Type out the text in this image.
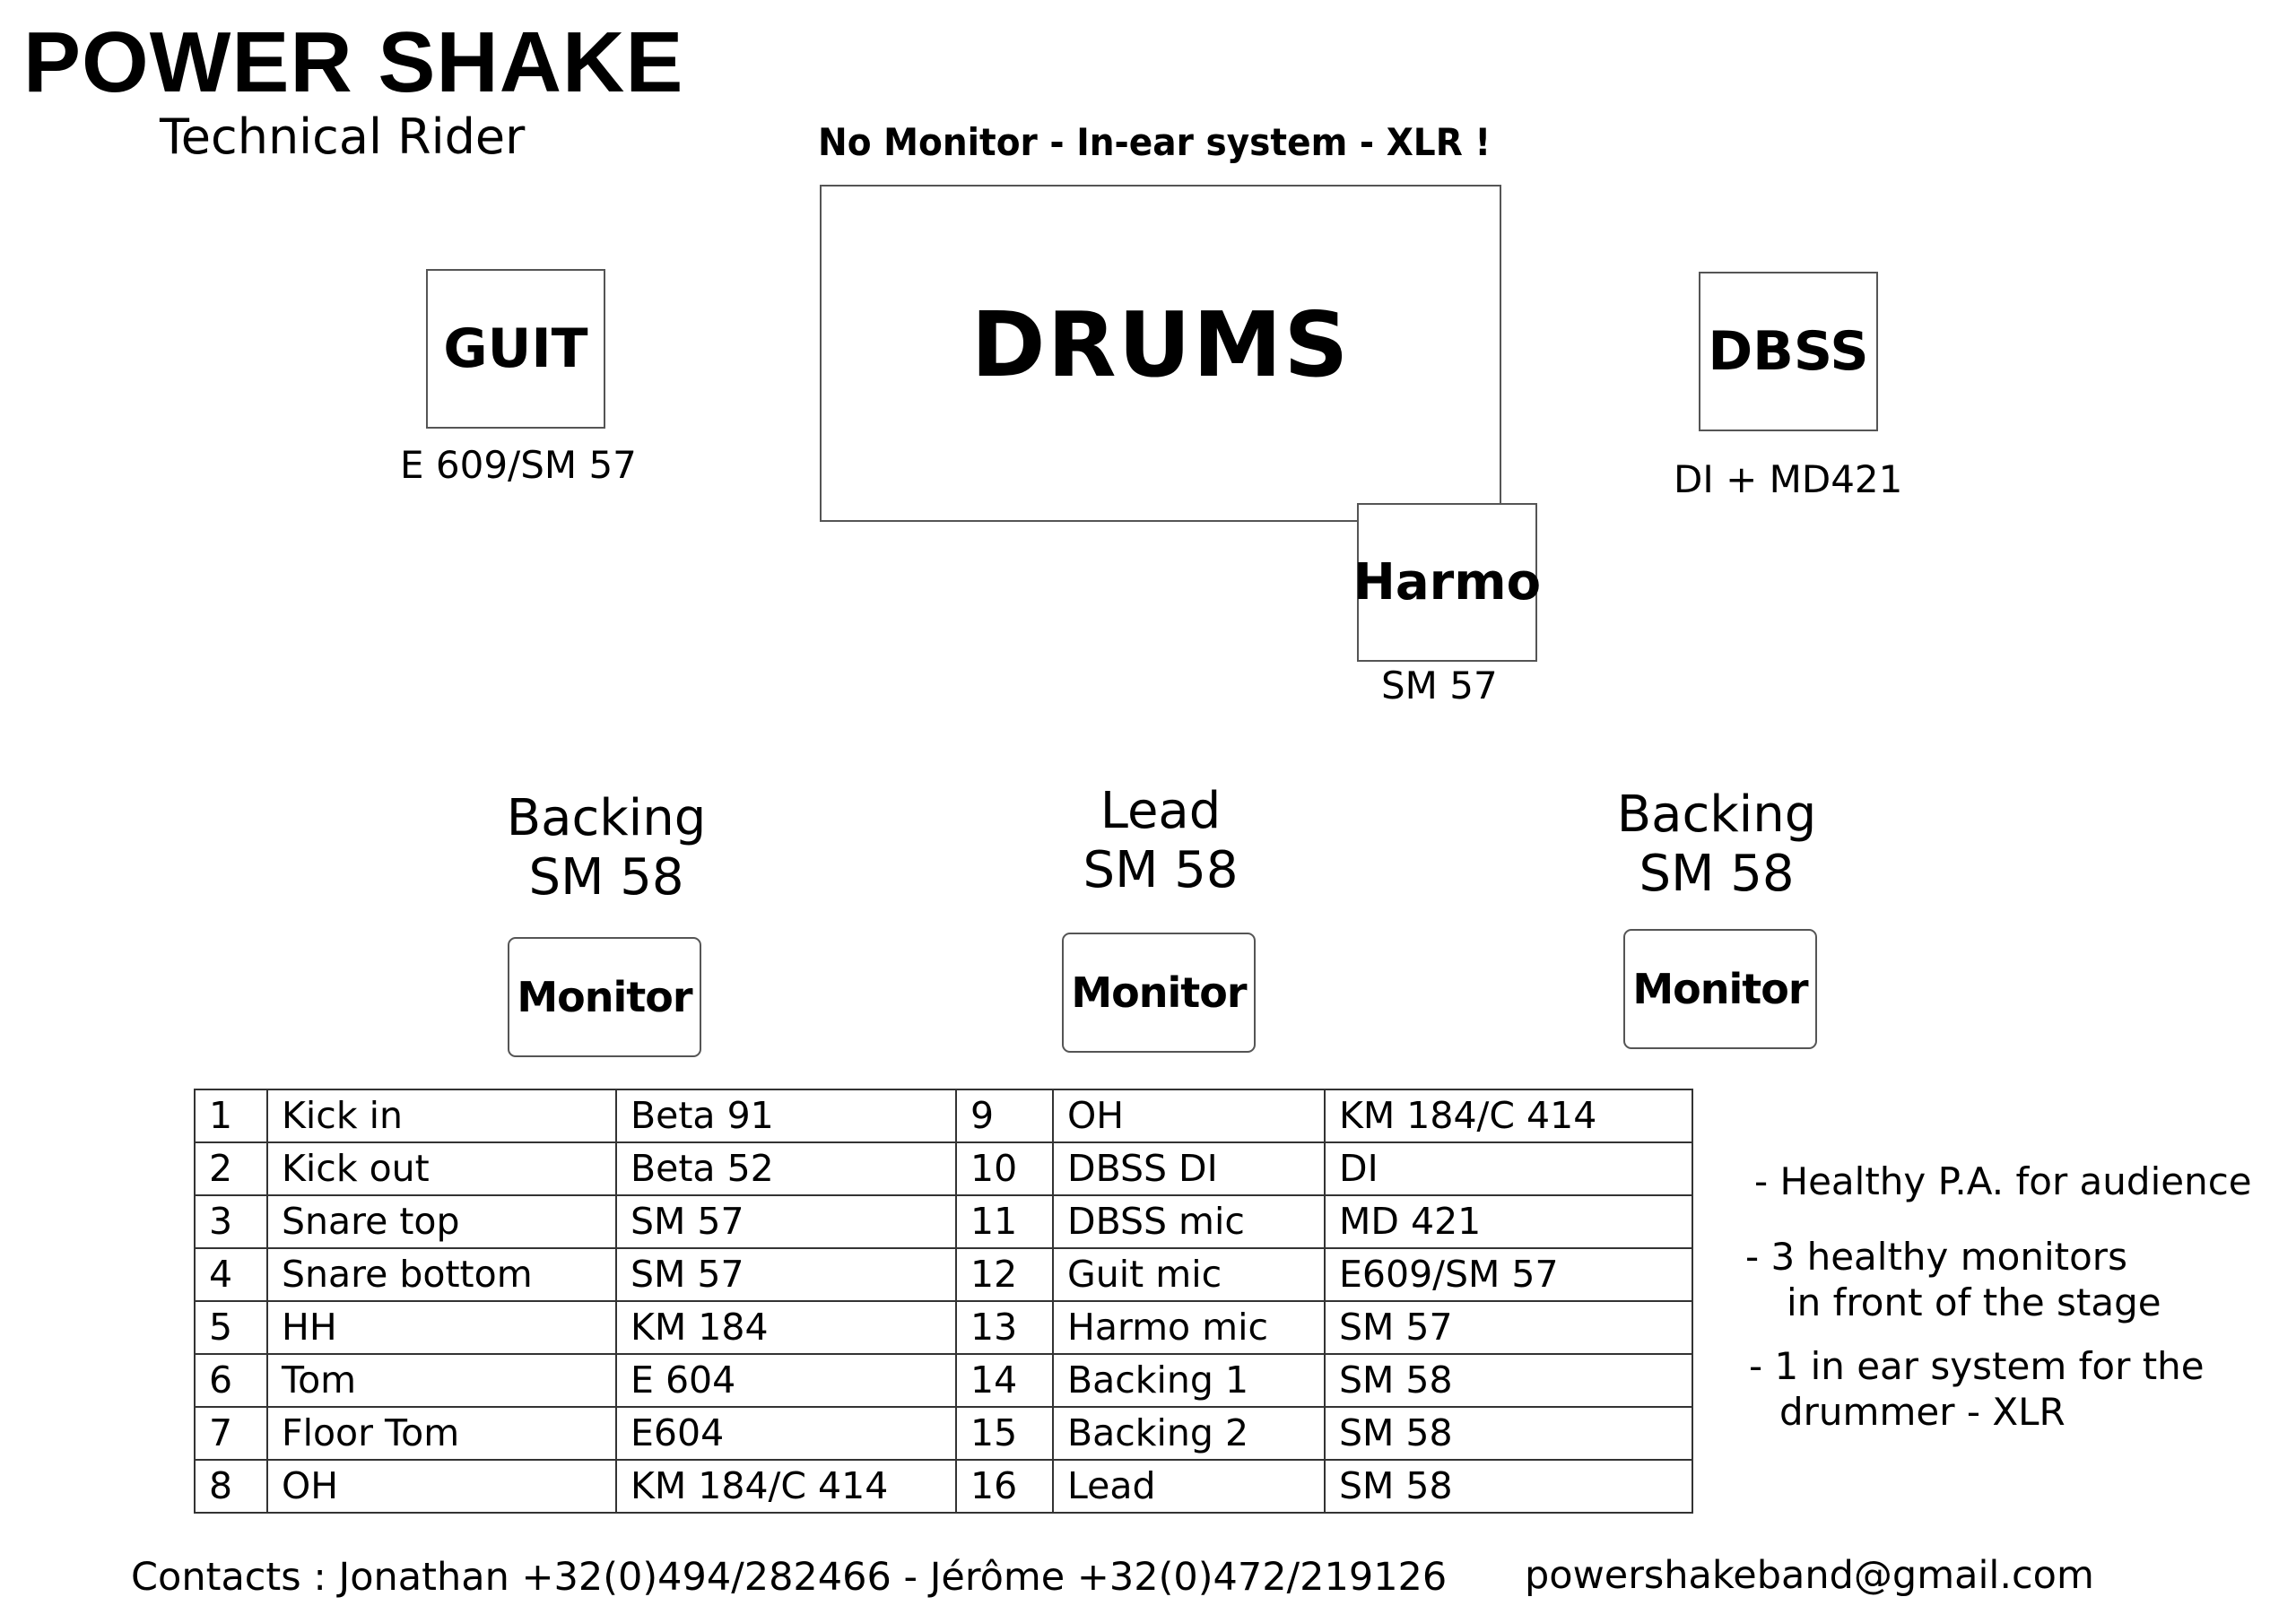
POWER SHAKE
Technical Rider	No Monitor - In-ear system - XLR !
DRUMS
GUIT
E 609/SM 57
DBSS
DI + MD421
Harmo
SM 57
Backing
SM 58
Lead
SM 58
Backing
SM 58
Monitor	Monitor	Monitor
1	Kick in	Beta 91	9	OH	KM 184/C 414
2	Kick out	Beta 52	10	DBSS DI	DI
3	Snare top	SM 57	11	DBSS mic	MD 421
4	Snare bottom	SM 57	12	Guit mic	E609/SM 57
5	HH	KM 184	13	Harmo mic	SM 57
6	Tom	E 604	14	Backing 1	SM 58
7	Floor Tom	E604	15	Backing 2	SM 58
8	OH	KM 184/C 414	16	Lead	SM 58
- Healthy P.A. for audience
- 3 healthy monitors
in front of the stage
- 1 in ear system for the
drummer - XLR
Contacts : Jonathan +32(0)494/282466 - Jérôme +32(0)472/219126 powershakeband@gmail.com
